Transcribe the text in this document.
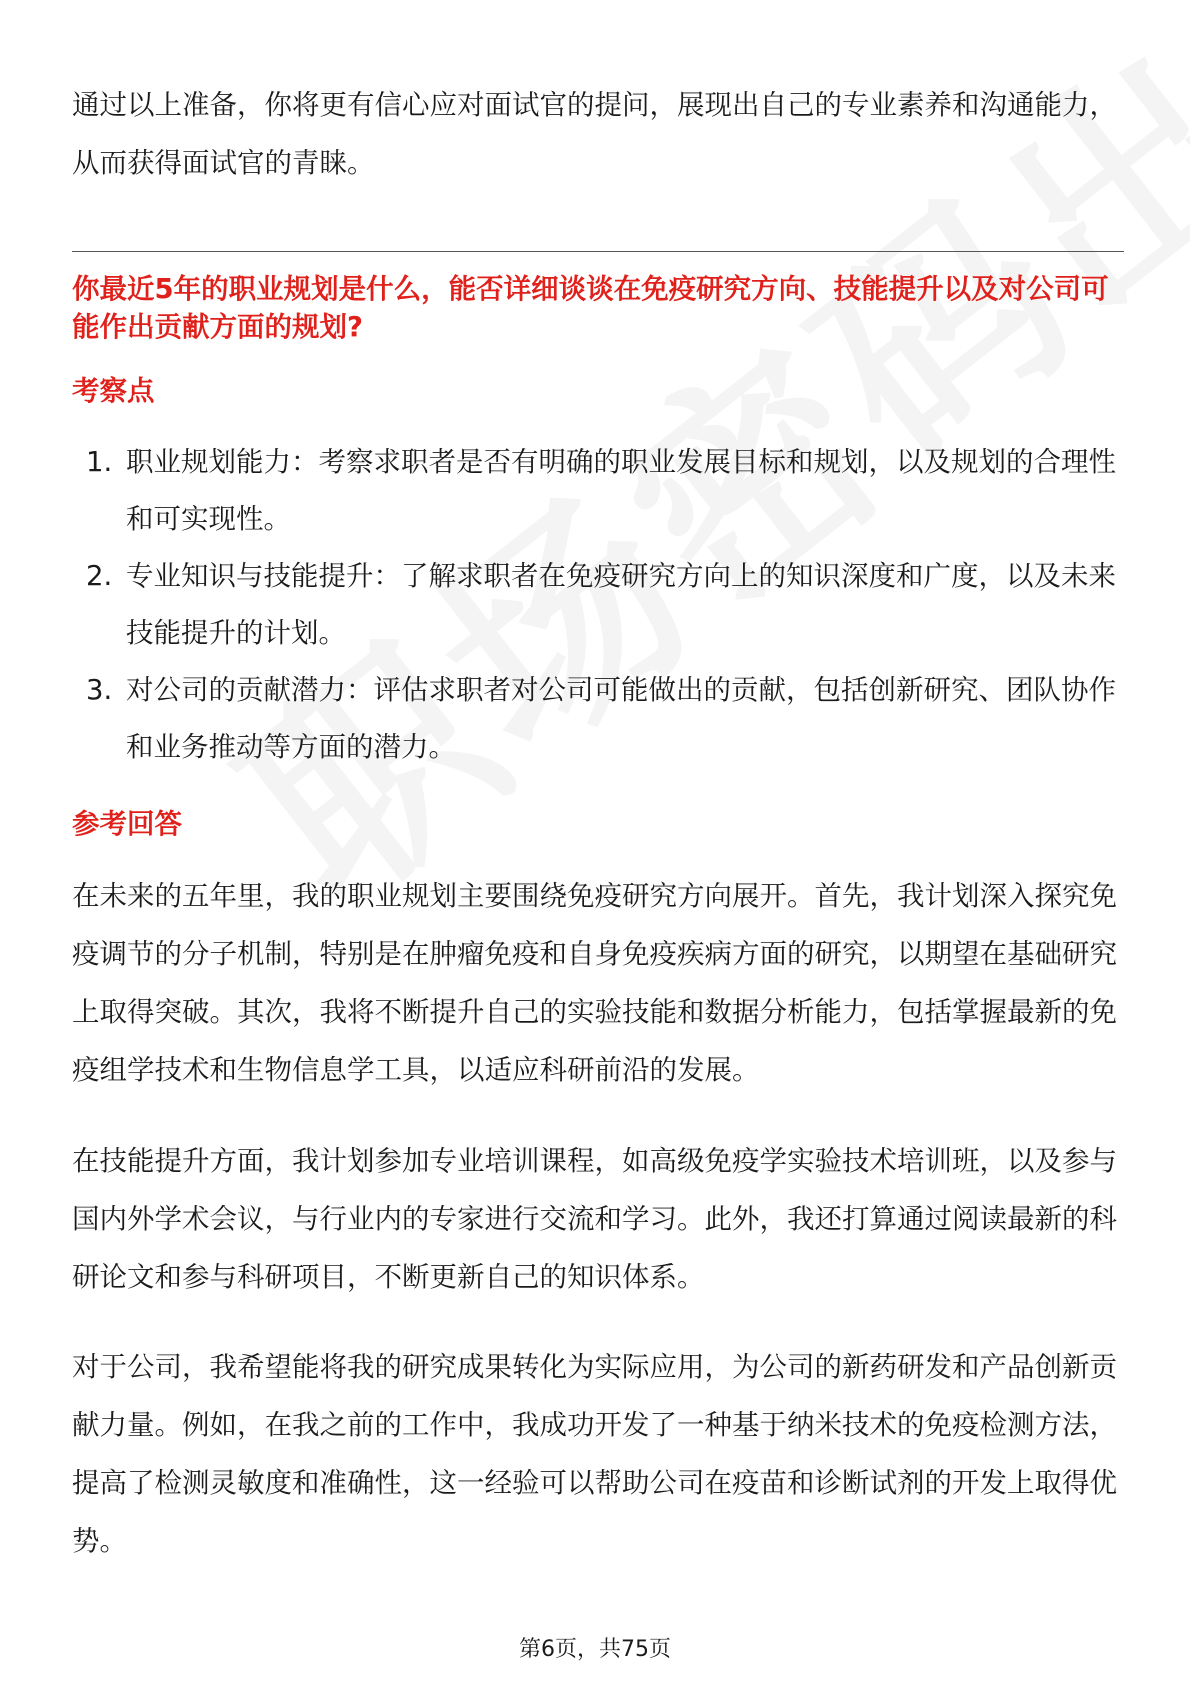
通过以上准备，你将更有信心应对面试官的提问，展现出自己的专业素养和沟通能力，从而获得面试官的青睐。

你最近5年的职业规划是什么，能否详细谈谈在免疫研究方向、技能提升以及对公司可能作出贡献方面的规划?

考察点
1. 职业规划能力：考察求职者是否有明确的职业发展目标和规划，以及规划的合理性和可实现性。
2. 专业知识与技能提升：了解求职者在免疫研究方向上的知识深度和广度，以及未来技能提升的计划。
3. 对公司的贡献潜力：评估求职者对公司可能做出的贡献，包括创新研究、团队协作和业务推动等方面的潜力。
参考回答

在未来的五年里，我的职业规划主要围绕免疫研究方向展开。首先，我计划深入探究免疫调节的分子机制，特别是在肿瘤免疫和自身免疫疾病方面的研究，以期望在基础研究上取得突破。其次，我将不断提升自己的实验技能和数据分析能力，包括掌握最新的免疫组学技术和生物信息学工具，以适应科研前沿的发展。

在技能提升方面，我计划参加专业培训课程，如高级免疫学实验技术培训班，以及参与国内外学术会议，与行业内的专家进行交流和学习。此外，我还打算通过阅读最新的科研论文和参与科研项目，不断更新自己的知识体系。

对于公司，我希望能将我的研究成果转化为实际应用，为公司的新药研发和产品创新贡献力量。例如，在我之前的工作中，我成功开发了一种基于纳米技术的免疫检测方法，提高了检测灵敏度和准确性，这一经验可以帮助公司在疫苗和诊断试剂的开发上取得优势。

第6页，共75页
